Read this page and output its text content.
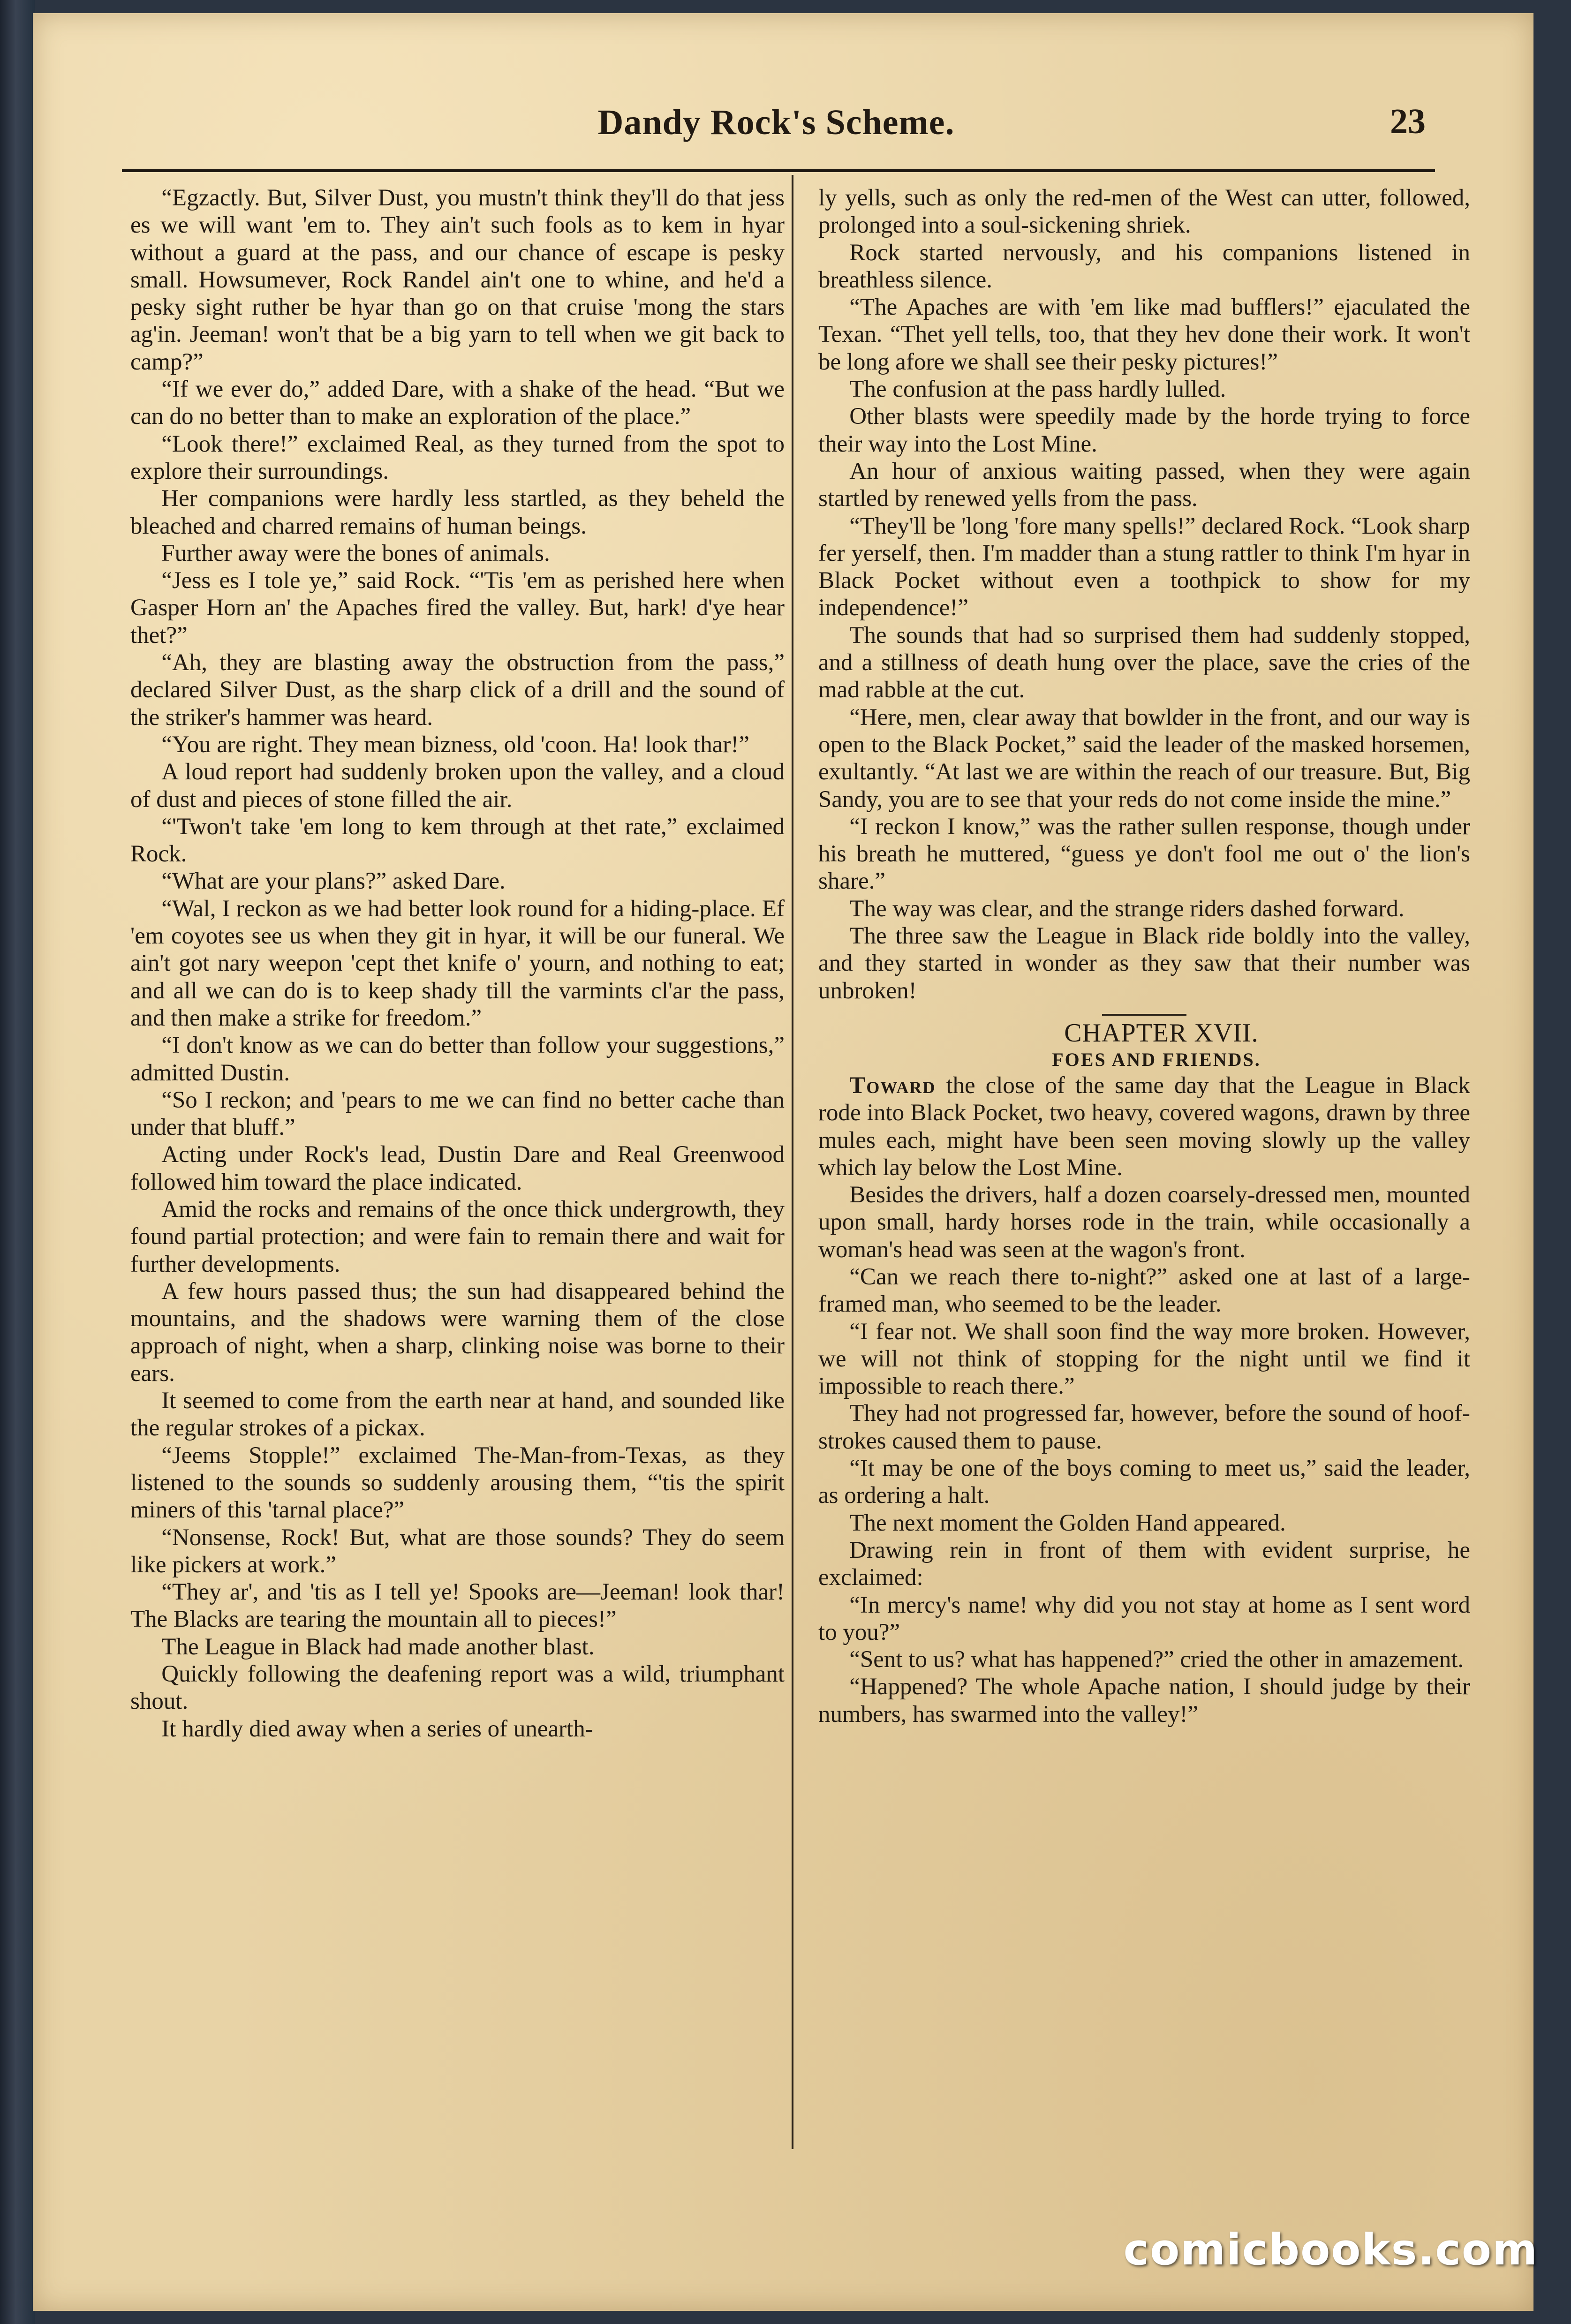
Dandy Rock's Scheme.	23

“Egzactly. But, Silver Dust, you mustn't think they'll do that jess es we will want 'em to. They ain't such fools as to kem in hyar without a guard at the pass, and our chance of escape is pesky small. Howsumever, Rock Randel ain't one to whine, and he'd a pesky sight ruther be hyar than go on that cruise 'mong the stars ag'in. Jeeman! won't that be a big yarn to tell when we git back to camp?”

“If we ever do,” added Dare, with a shake of the head. “But we can do no better than to make an exploration of the place.”

“Look there!” exclaimed Real, as they turned from the spot to explore their surroundings.

Her companions were hardly less startled, as they beheld the bleached and charred remains of human beings.

Further away were the bones of animals.

“Jess es I tole ye,” said Rock. “'Tis 'em as perished here when Gasper Horn an' the Apaches fired the valley. But, hark! d'ye hear thet?”

“Ah, they are blasting away the obstruction from the pass,” declared Silver Dust, as the sharp click of a drill and the sound of the striker's hammer was heard.

“You are right. They mean bizness, old 'coon. Ha! look thar!”

A loud report had suddenly broken upon the valley, and a cloud of dust and pieces of stone filled the air.

“'Twon't take 'em long to kem through at thet rate,” exclaimed Rock.

“What are your plans?” asked Dare.

“Wal, I reckon as we had better look round for a hiding-place. Ef 'em coyotes see us when they git in hyar, it will be our funeral. We ain't got nary weepon 'cept thet knife o' yourn, and nothing to eat; and all we can do is to keep shady till the varmints cl'ar the pass, and then make a strike for freedom.”

“I don't know as we can do better than follow your suggestions,” admitted Dustin.

“So I reckon; and 'pears to me we can find no better cache than under that bluff.”

Acting under Rock's lead, Dustin Dare and Real Greenwood followed him toward the place indicated.

Amid the rocks and remains of the once thick undergrowth, they found partial protection; and were fain to remain there and wait for further developments.

A few hours passed thus; the sun had disappeared behind the mountains, and the shadows were warning them of the close approach of night, when a sharp, clinking noise was borne to their ears.

It seemed to come from the earth near at hand, and sounded like the regular strokes of a pickax.

“Jeems Stopple!” exclaimed The-Man-from-Texas, as they listened to the sounds so suddenly arousing them, “'tis the spirit miners of this 'tarnal place?”

“Nonsense, Rock! But, what are those sounds? They do seem like pickers at work.”

“They ar', and 'tis as I tell ye! Spooks are—Jeeman! look thar! The Blacks are tearing the mountain all to pieces!”

The League in Black had made another blast.

Quickly following the deafening report was a wild, triumphant shout.

It hardly died away when a series of unearth-

ly yells, such as only the red-men of the West can utter, followed, prolonged into a soul-sickening shriek.

Rock started nervously, and his companions listened in breathless silence.

“The Apaches are with 'em like mad bufflers!” ejaculated the Texan. “Thet yell tells, too, that they hev done their work. It won't be long afore we shall see their pesky pictures!”

The confusion at the pass hardly lulled.

Other blasts were speedily made by the horde trying to force their way into the Lost Mine.

An hour of anxious waiting passed, when they were again startled by renewed yells from the pass.

“They'll be 'long 'fore many spells!” declared Rock. “Look sharp fer yerself, then. I'm madder than a stung rattler to think I'm hyar in Black Pocket without even a toothpick to show for my independence!”

The sounds that had so surprised them had suddenly stopped, and a stillness of death hung over the place, save the cries of the mad rabble at the cut.

“Here, men, clear away that bowlder in the front, and our way is open to the Black Pocket,” said the leader of the masked horsemen, exultantly. “At last we are within the reach of our treasure. But, Big Sandy, you are to see that your reds do not come inside the mine.”

“I reckon I know,” was the rather sullen response, though under his breath he muttered, “guess ye don't fool me out o' the lion's share.”

The way was clear, and the strange riders dashed forward.

The three saw the League in Black ride boldly into the valley, and they started in wonder as they saw that their number was unbroken!

CHAPTER XVII.

FOES AND FRIENDS.

Toward the close of the same day that the League in Black rode into Black Pocket, two heavy, covered wagons, drawn by three mules each, might have been seen moving slowly up the valley which lay below the Lost Mine.

Besides the drivers, half a dozen coarsely-dressed men, mounted upon small, hardy horses rode in the train, while occasionally a woman's head was seen at the wagon's front.

“Can we reach there to-night?” asked one at last of a large-framed man, who seemed to be the leader.

“I fear not. We shall soon find the way more broken. However, we will not think of stopping for the night until we find it impossible to reach there.”

They had not progressed far, however, before the sound of hoof-strokes caused them to pause.

“It may be one of the boys coming to meet us,” said the leader, as ordering a halt.

The next moment the Golden Hand appeared.

Drawing rein in front of them with evident surprise, he exclaimed:

“In mercy's name! why did you not stay at home as I sent word to you?”

“Sent to us? what has happened?” cried the other in amazement.

“Happened? The whole Apache nation, I should judge by their numbers, has swarmed into the valley!”

comicbooks.com
